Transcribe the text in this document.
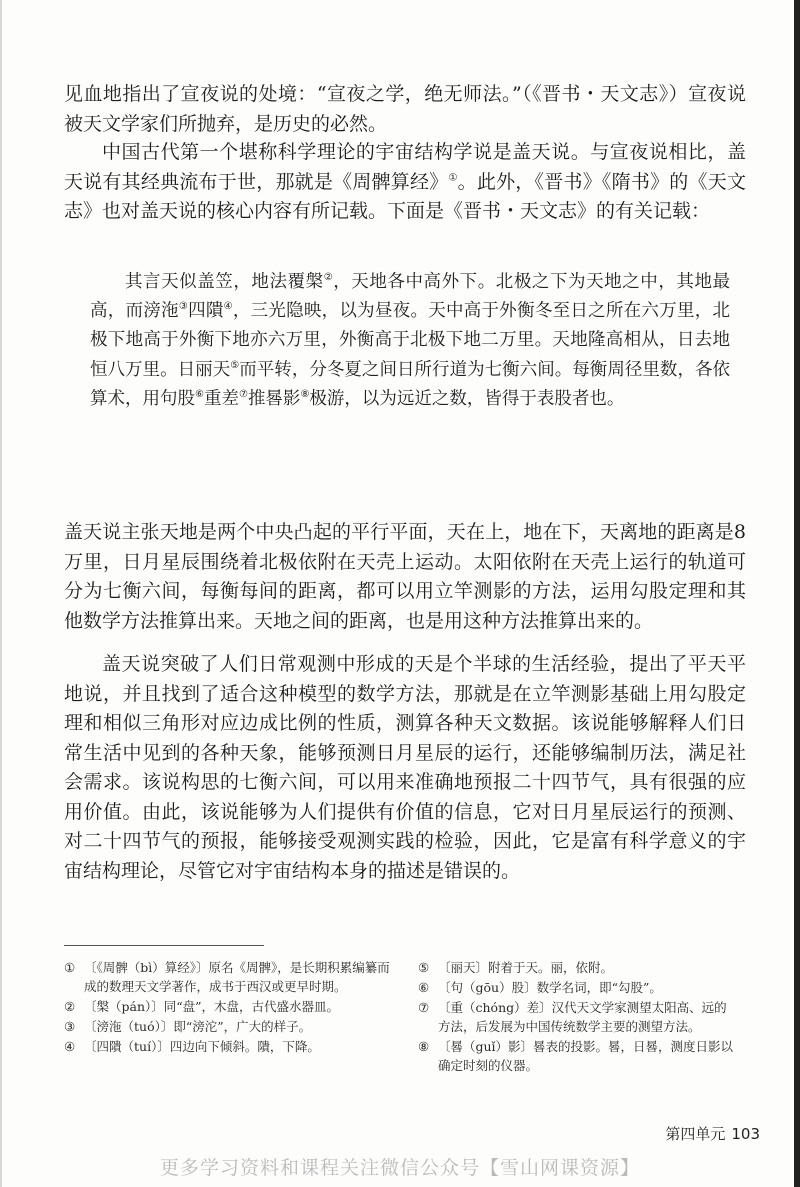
见血地指出了宣夜说的处境：“宣夜之学，绝无师法。”（《晋书・天文志》）宣夜说被天文学家们所抛弃，是历史的必然。

中国古代第一个堪称科学理论的宇宙结构学说是盖天说。与宣夜说相比，盖天说有其经典流布于世，那就是《周髀算经》①。此外，《晋书》《隋书》的《天文志》也对盖天说的核心内容有所记载。下面是《晋书・天文志》的有关记载：

其言天似盖笠，地法覆槃②，天地各中高外下。北极之下为天地之中，其地最高，而滂沲③四隤④，三光隐映，以为昼夜。天中高于外衡冬至日之所在六万里，北极下地高于外衡下地亦六万里，外衡高于北极下地二万里。天地隆高相从，日去地恒八万里。日丽天⑤而平转，分冬夏之间日所行道为七衡六间。每衡周径里数，各依算术，用句股⑥重差⑦推晷影⑧极游，以为远近之数，皆得于表股者也。

盖天说主张天地是两个中央凸起的平行平面，天在上，地在下，天离地的距离是8万里，日月星辰围绕着北极依附在天壳上运动。太阳依附在天壳上运行的轨道可分为七衡六间，每衡每间的距离，都可以用立竿测影的方法，运用勾股定理和其他数学方法推算出来。天地之间的距离，也是用这种方法推算出来的。

盖天说突破了人们日常观测中形成的天是个半球的生活经验，提出了平天平地说，并且找到了适合这种模型的数学方法，那就是在立竿测影基础上用勾股定理和相似三角形对应边成比例的性质，测算各种天文数据。该说能够解释人们日常生活中见到的各种天象，能够预测日月星辰的运行，还能够编制历法，满足社会需求。该说构思的七衡六间，可以用来准确地预报二十四节气，具有很强的应用价值。由此，该说能够为人们提供有价值的信息，它对日月星辰运行的预测、对二十四节气的预报，能够接受观测实践的检验，因此，它是富有科学意义的宇宙结构理论，尽管它对宇宙结构本身的描述是错误的。

① 〔《周髀（bì）算经》〕原名《周髀》，是长期积累编纂而成的数理天文学著作，成书于西汉或更早时期。
② 〔槃（pán）〕同“盘”，木盘，古代盛水器皿。
③ 〔滂沲（tuó）〕即“滂沱”，广大的样子。
④ 〔四隤（tuí）〕四边向下倾斜。隤，下降。
⑤ 〔丽天〕附着于天。丽，依附。
⑥ 〔句（gōu）股〕数学名词，即“勾股”。
⑦ 〔重（chóng）差〕汉代天文学家测望太阳高、远的方法，后发展为中国传统数学主要的测望方法。
⑧ 〔晷（guǐ）影〕晷表的投影。晷，日晷，测度日影以确定时刻的仪器。
第四单元 103
更多学习资料和课程关注微信公众号【雪山网课资源】
